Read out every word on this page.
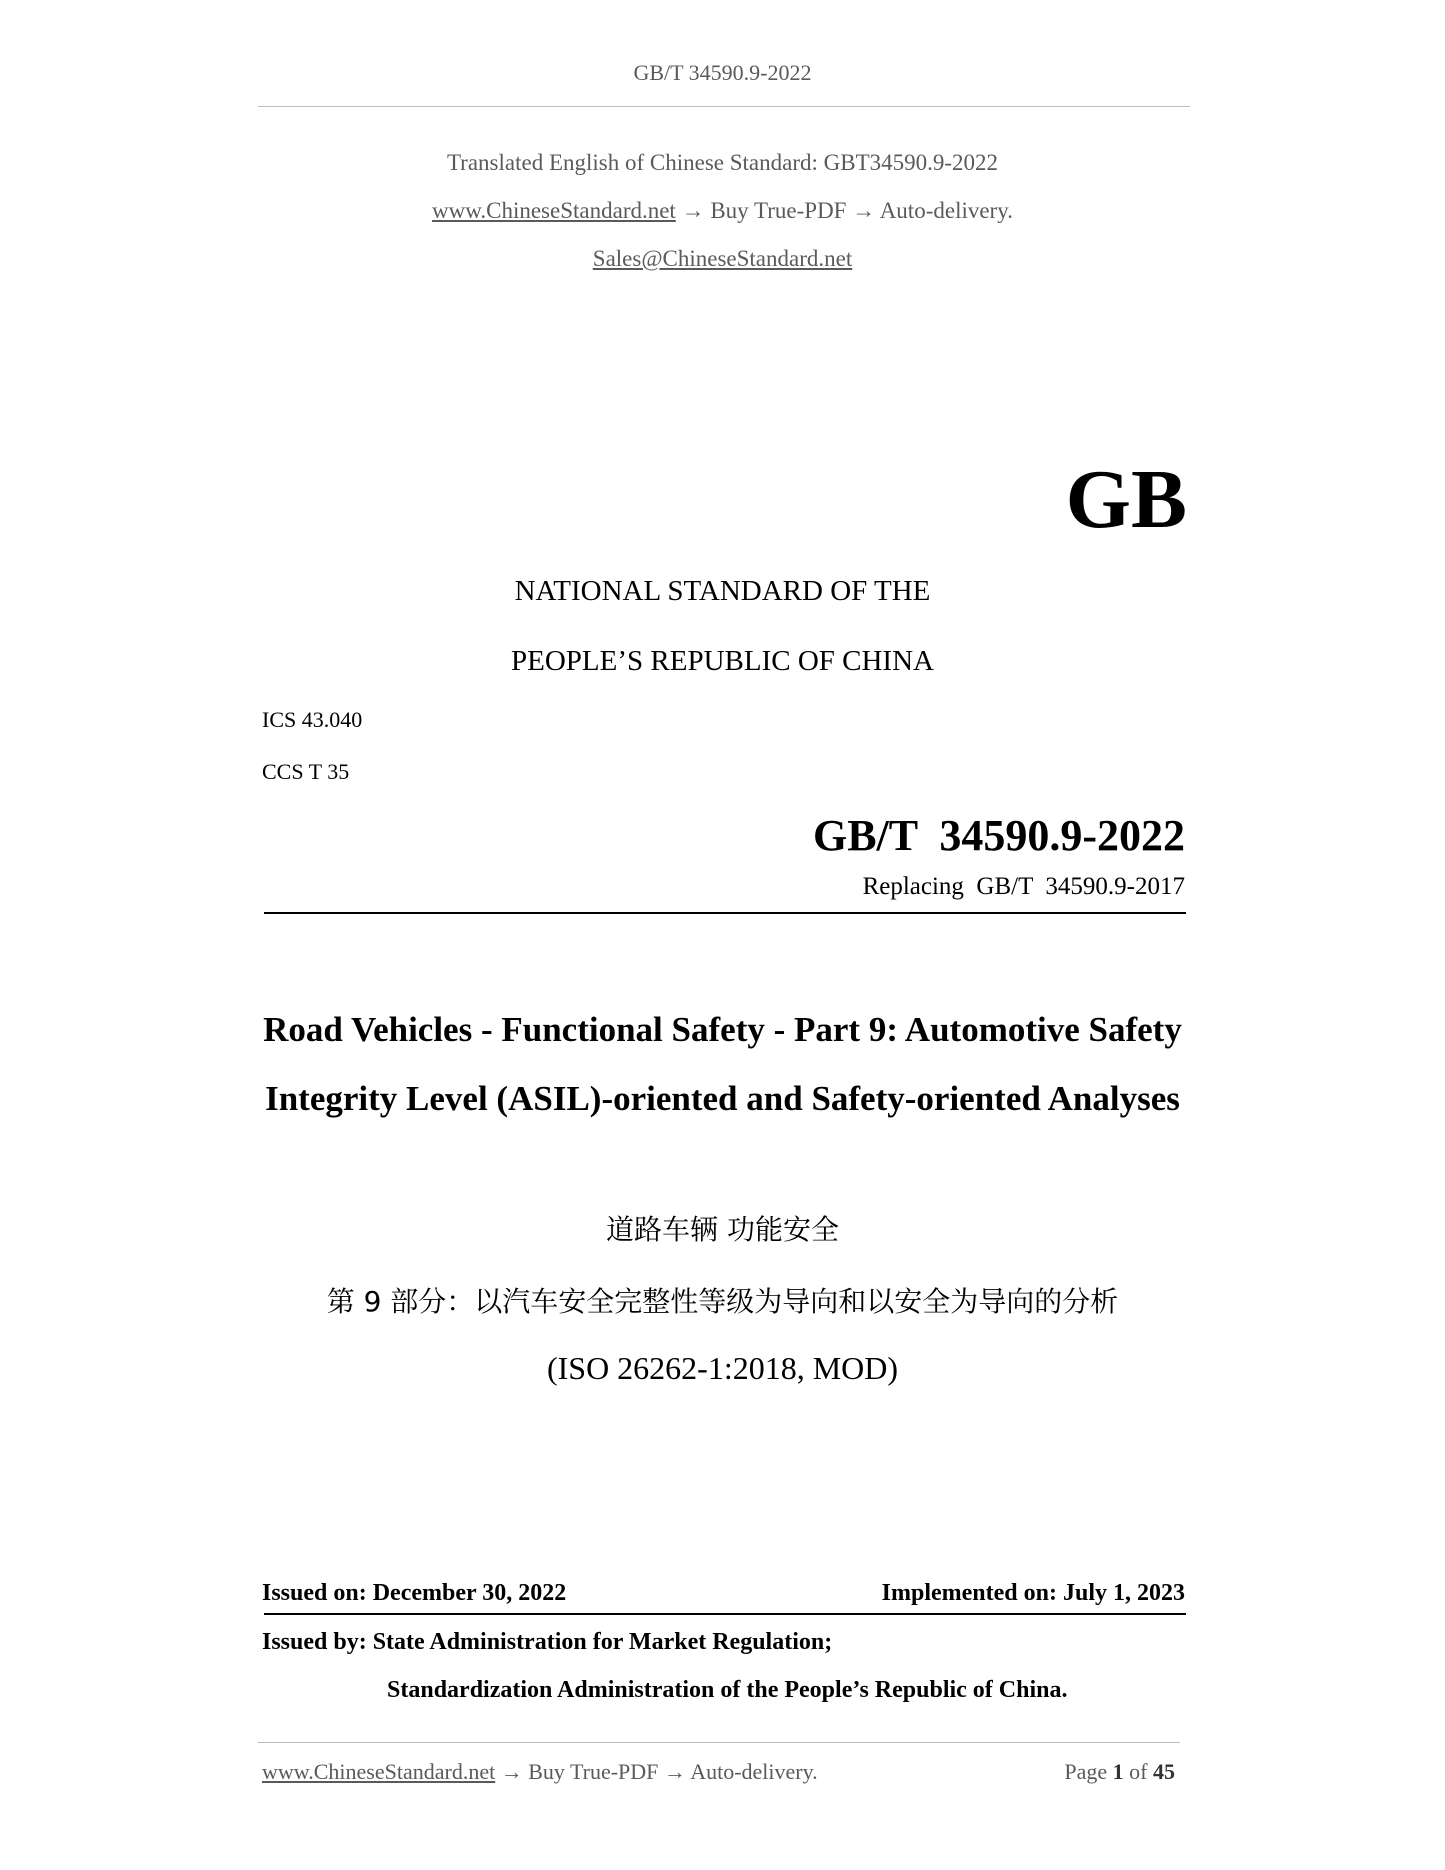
GB/T 34590.9-2022
Translated English of Chinese Standard: GBT34590.9-2022
www.ChineseStandard.net → Buy True-PDF → Auto-delivery.
Sales@ChineseStandard.net
GB
NATIONAL STANDARD OF THE
PEOPLE’S REPUBLIC OF CHINA
ICS 43.040
CCS T 35
GB/T  34590.9-2022
Replacing  GB/T  34590.9-2017
Road Vehicles - Functional Safety - Part 9: Automotive Safety Integrity Level (ASIL)-oriented and Safety-oriented Analyses
道路车辆 功能安全
第 9 部分：以汽车安全完整性等级为导向和以安全为导向的分析
(ISO 26262-1:2018, MOD)
Issued on: December 30, 2022	Implemented on: July 1, 2023
Issued by: State Administration for Market Regulation;
Standardization Administration of the People’s Republic of China.
www.ChineseStandard.net → Buy True-PDF → Auto-delivery.	Page 1 of 45
